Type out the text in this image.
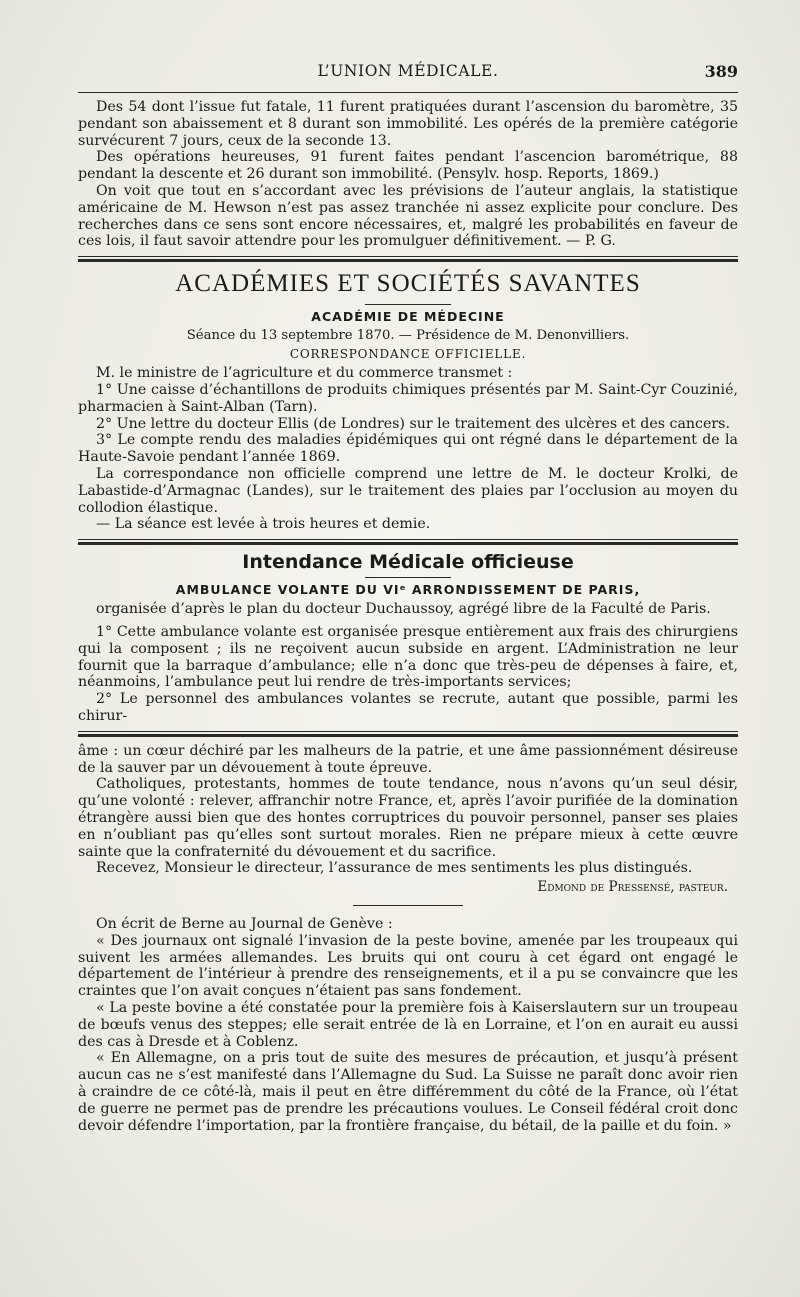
L’UNION MÉDICALE.	389

Des 54 dont l’issue fut fatale, 11 furent pratiquées durant l’ascension du baromètre, 35 pendant son abaissement et 8 durant son immobilité. Les opérés de la première catégorie survécurent 7 jours, ceux de la seconde 13.

Des opérations heureuses, 91 furent faites pendant l’ascencion barométrique, 88 pendant la descente et 26 durant son immobilité. (Pensylv. hosp. Reports, 1869.)

On voit que tout en s’accordant avec les prévisions de l’auteur anglais, la statistique américaine de M. Hewson n’est pas assez tranchée ni assez explicite pour conclure. Des recherches dans ce sens sont encore nécessaires, et, malgré les probabilités en faveur de ces lois, il faut savoir attendre pour les promulguer définitivement. — P. G.

ACADÉMIES ET SOCIÉTÉS SAVANTES
ACADÉMIE DE MÉDECINE
Séance du 13 septembre 1870. — Présidence de M. Denonvilliers.
CORRESPONDANCE OFFICIELLE.

M. le ministre de l’agriculture et du commerce transmet :

1° Une caisse d’échantillons de produits chimiques présentés par M. Saint-Cyr Couzinié, pharmacien à Saint-Alban (Tarn).

2° Une lettre du docteur Ellis (de Londres) sur le traitement des ulcères et des cancers.

3° Le compte rendu des maladies épidémiques qui ont régné dans le département de la Haute-Savoie pendant l’année 1869.

La correspondance non officielle comprend une lettre de M. le docteur Krolki, de Labastide-d’Armagnac (Landes), sur le traitement des plaies par l’occlusion au moyen du collodion élastique.

— La séance est levée à trois heures et demie.

Intendance Médicale officieuse
AMBULANCE VOLANTE DU VIᵉ ARRONDISSEMENT DE PARIS,

organisée d’après le plan du docteur Duchaussoy, agrégé libre de la Faculté de Paris.

1° Cette ambulance volante est organisée presque entièrement aux frais des chirurgiens qui la composent ; ils ne reçoivent aucun subside en argent. L’Administration ne leur fournit que la barraque d’ambulance; elle n’a donc que très-peu de dépenses à faire, et, néanmoins, l’ambulance peut lui rendre de très-importants services;

2° Le personnel des ambulances volantes se recrute, autant que possible, parmi les chirur-

âme : un cœur déchiré par les malheurs de la patrie, et une âme passionnément désireuse de la sauver par un dévouement à toute épreuve.

Catholiques, protestants, hommes de toute tendance, nous n’avons qu’un seul désir, qu’une volonté : relever, affranchir notre France, et, après l’avoir purifiée de la domination étrangère aussi bien que des hontes corruptrices du pouvoir personnel, panser ses plaies en n’oubliant pas qu’elles sont surtout morales. Rien ne prépare mieux à cette œuvre sainte que la confraternité du dévouement et du sacrifice.

Recevez, Monsieur le directeur, l’assurance de mes sentiments les plus distingués.

Edmond de Pressensé, pasteur.

On écrit de Berne au Journal de Genève :

« Des journaux ont signalé l’invasion de la peste bovine, amenée par les troupeaux qui suivent les armées allemandes. Les bruits qui ont couru à cet égard ont engagé le département de l’intérieur à prendre des renseignements, et il a pu se convaincre que les craintes que l’on avait conçues n’étaient pas sans fondement.

« La peste bovine a été constatée pour la première fois à Kaiserslautern sur un troupeau de bœufs venus des steppes; elle serait entrée de là en Lorraine, et l’on en aurait eu aussi des cas à Dresde et à Coblenz.

« En Allemagne, on a pris tout de suite des mesures de précaution, et jusqu’à présent aucun cas ne s’est manifesté dans l’Allemagne du Sud. La Suisse ne paraît donc avoir rien à craindre de ce côté-là, mais il peut en être différemment du côté de la France, où l’état de guerre ne permet pas de prendre les précautions voulues. Le Conseil fédéral croit donc devoir défendre l’importation, par la frontière française, du bétail, de la paille et du foin. »
